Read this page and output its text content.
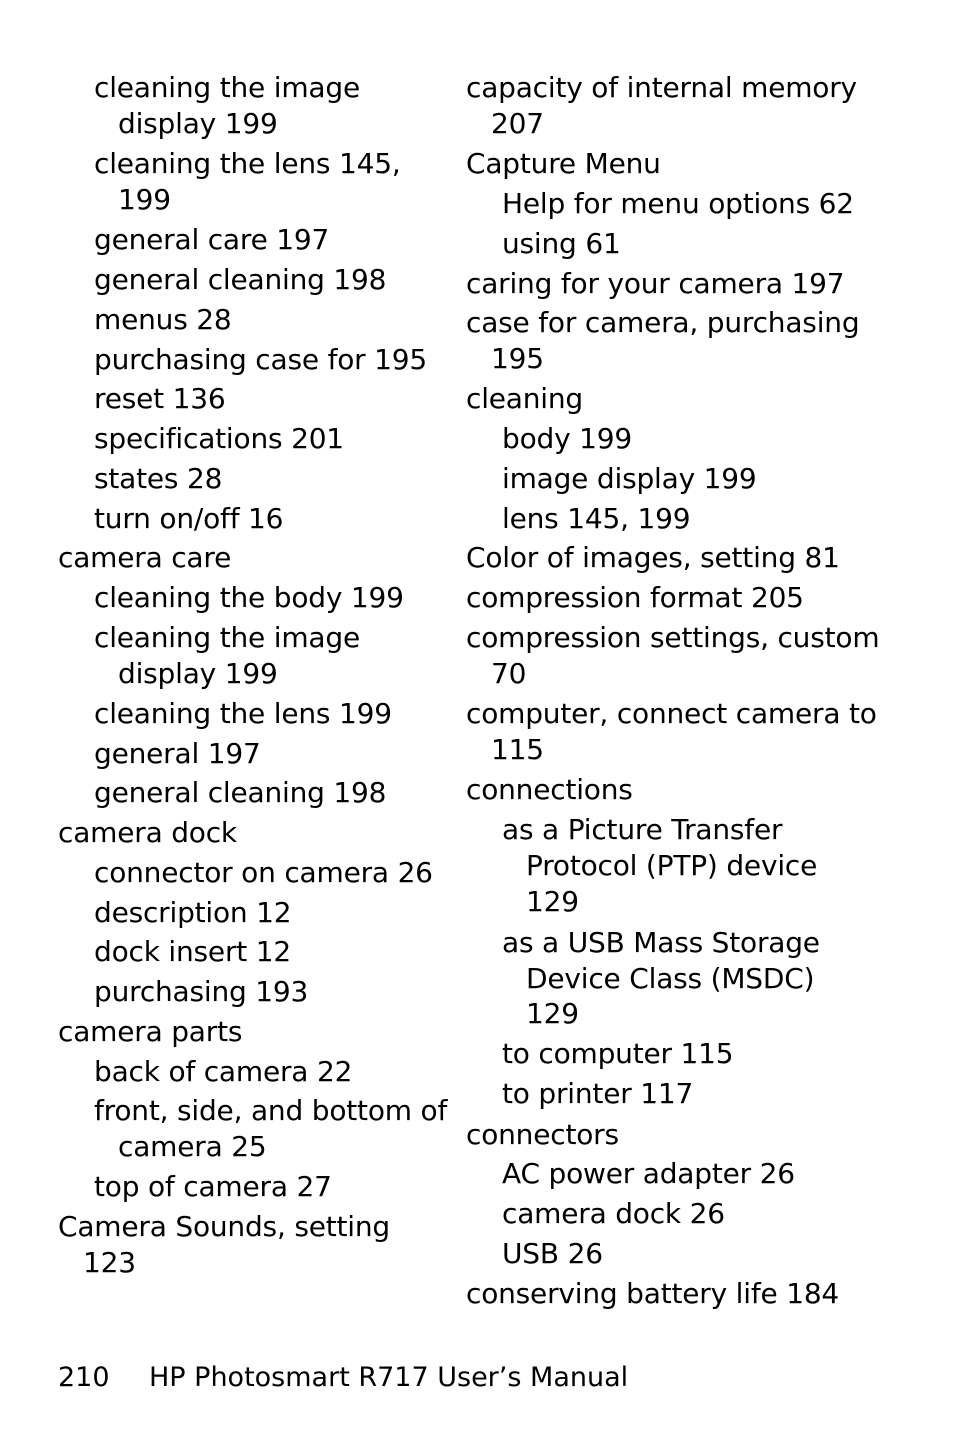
cleaning the image
display 199
cleaning the lens 145,
199
general care 197
general cleaning 198
menus 28
purchasing case for 195
reset 136
specifications 201
states 28
turn on/off 16
camera care
cleaning the body 199
cleaning the image
display 199
cleaning the lens 199
general 197
general cleaning 198
camera dock
connector on camera 26
description 12
dock insert 12
purchasing 193
camera parts
back of camera 22
front, side, and bottom of
camera 25
top of camera 27
Camera Sounds, setting
123
capacity of internal memory
207
Capture Menu
Help for menu options 62
using 61
caring for your camera 197
case for camera, purchasing
195
cleaning
body 199
image display 199
lens 145, 199
Color of images, setting 81
compression format 205
compression settings, custom
70
computer, connect camera to
115
connections
as a Picture Transfer
Protocol (PTP) device
129
as a USB Mass Storage
Device Class (MSDC)
129
to computer 115
to printer 117
connectors
AC power adapter 26
camera dock 26
USB 26
conserving battery life 184
210 HP Photosmart R717 User’s Manual
